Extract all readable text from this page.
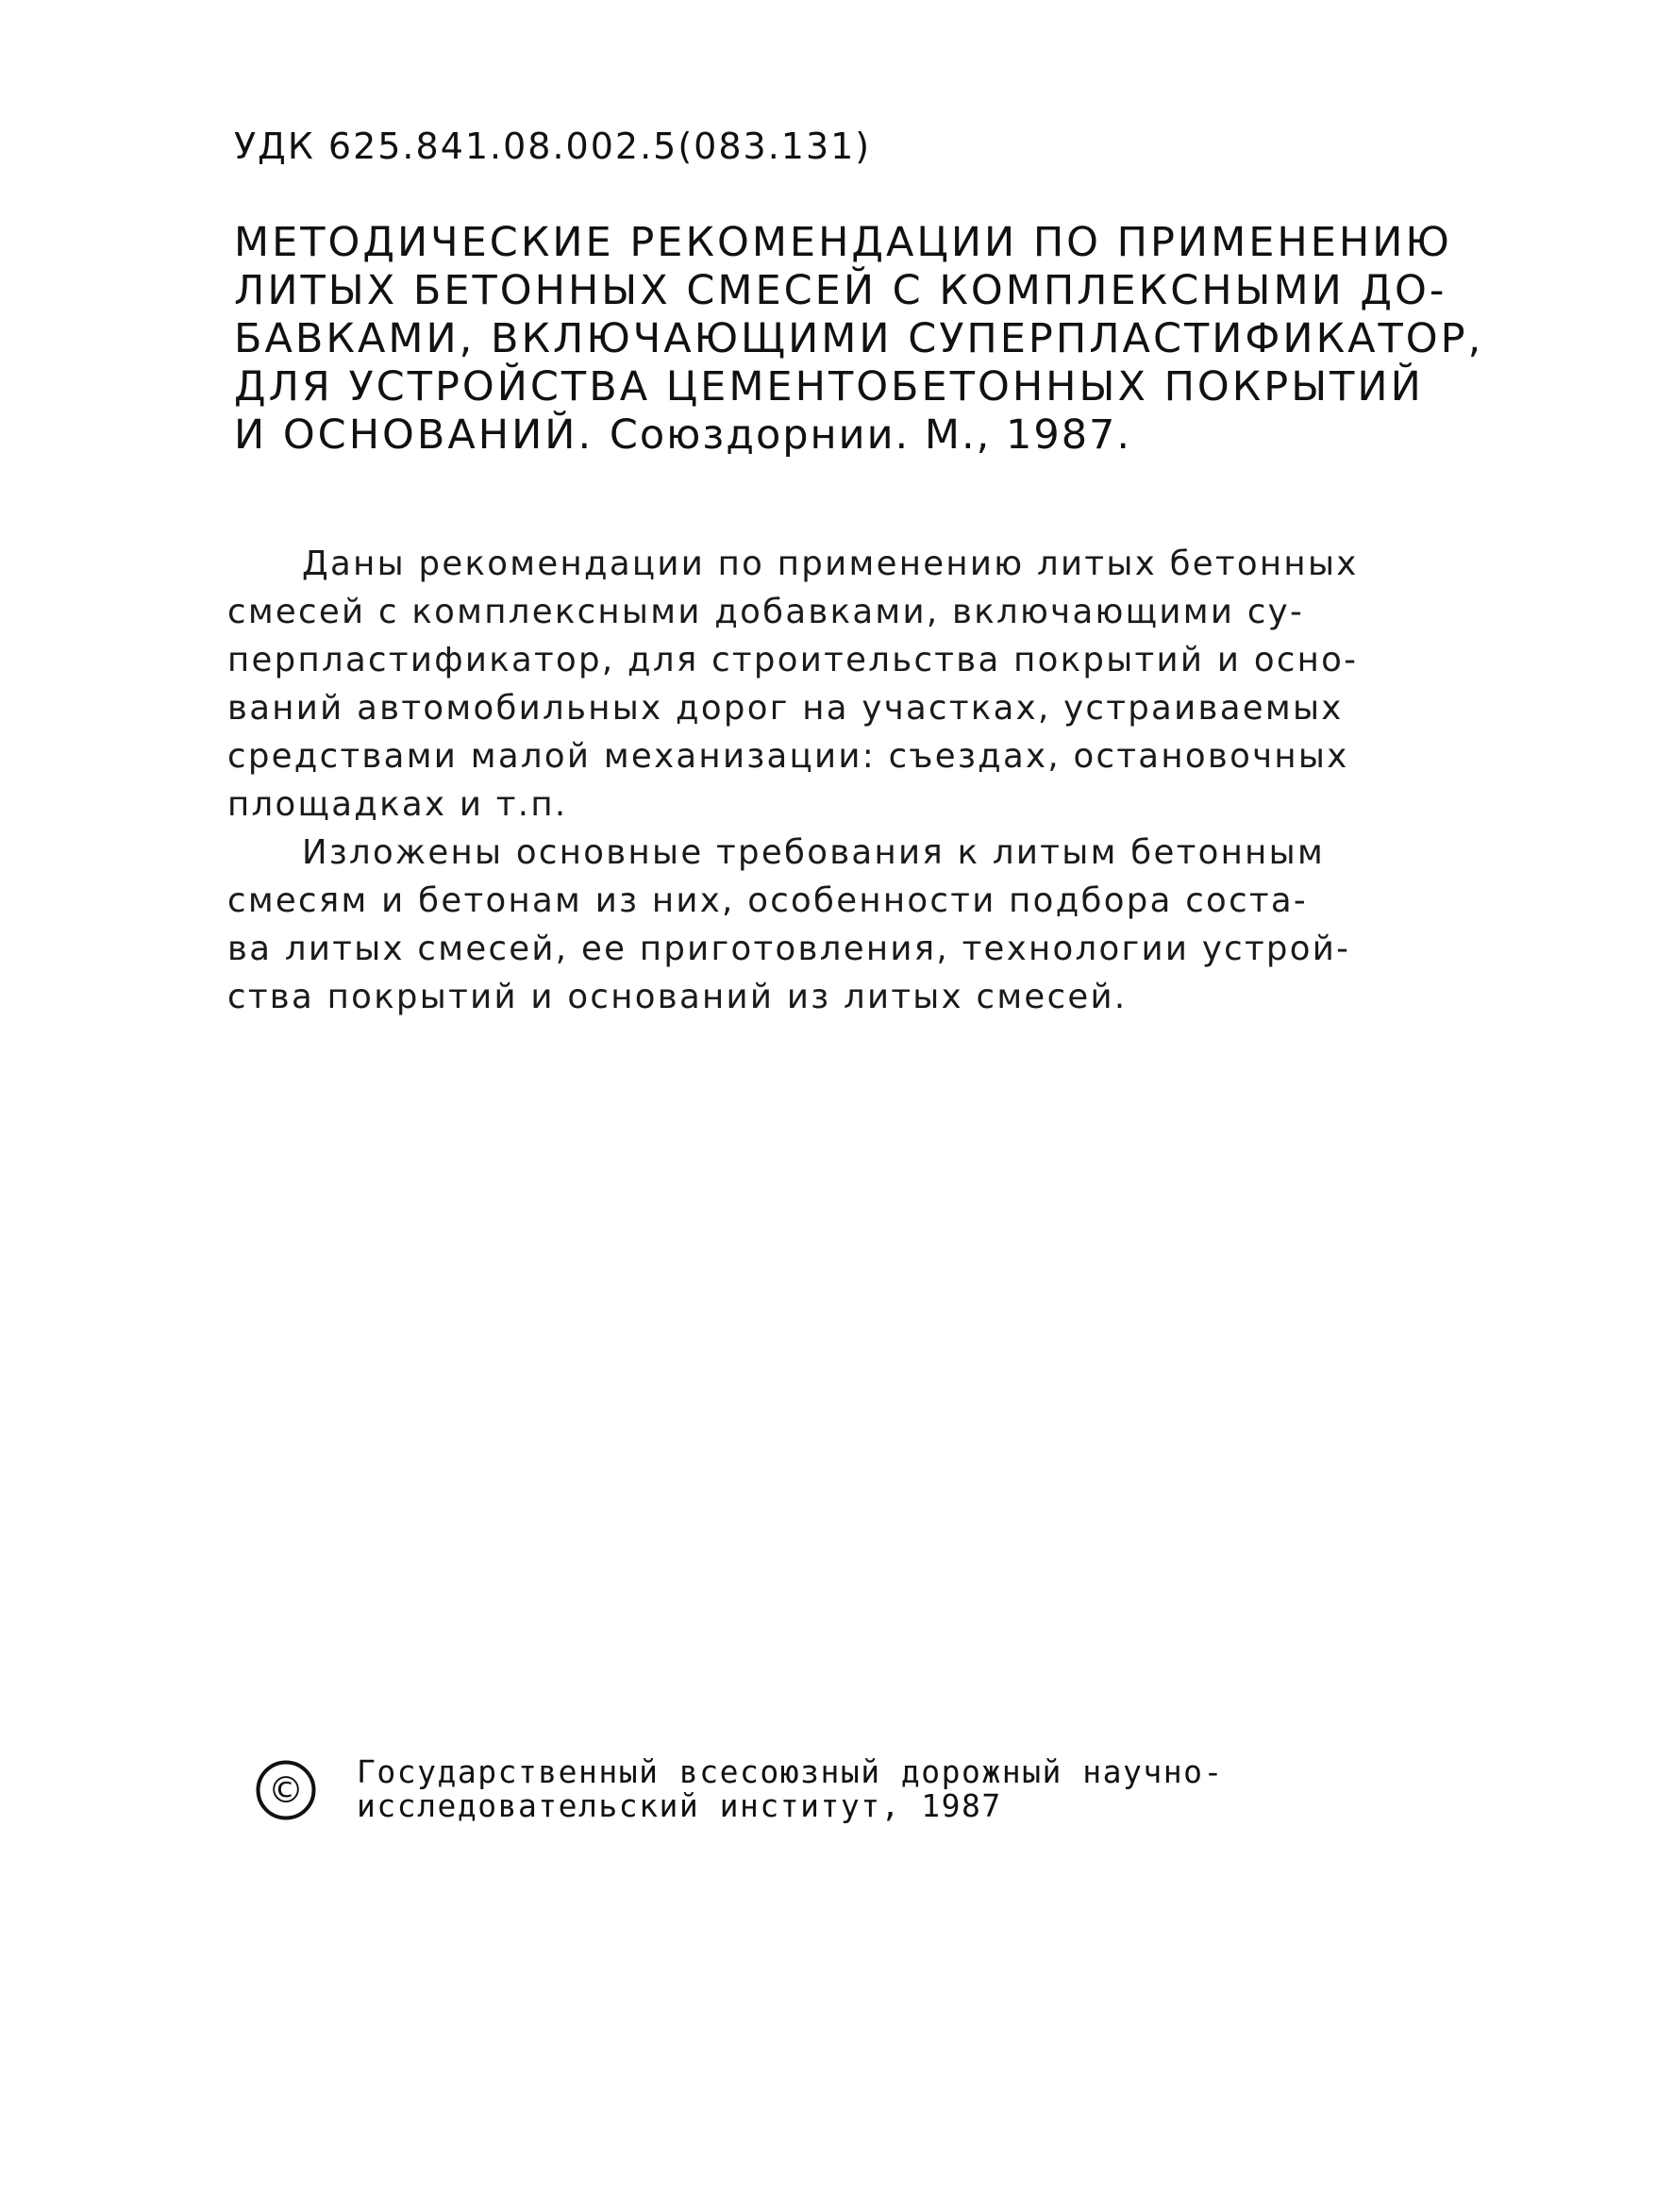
УДК 625.841.08.002.5(083.131)
МЕТОДИЧЕСКИЕ РЕКОМЕНДАЦИИ ПО ПРИМЕНЕНИЮ
ЛИТЫХ БЕТОННЫХ СМЕСЕЙ С КОМПЛЕКСНЫМИ ДО-
БАВКАМИ, ВКЛЮЧАЮЩИМИ СУПЕРПЛАСТИФИКАТОР,
ДЛЯ УСТРОЙСТВА ЦЕМЕНТОБЕТОННЫХ ПОКРЫТИЙ
И ОСНОВАНИЙ. Союздорнии. М., 1987.
Даны рекомендации по применению литых бетонных
смесей с комплексными добавками, включающими су-
перпластификатор, для строительства покрытий и осно-
ваний автомобильных дорог на участках, устраиваемых
средствами малой механизации: съездах, остановочных
площадках и т.п.
Изложены основные требования к литым бетонным
смесям и бетонам из них, особенности подбора соста-
ва литых смесей, ее приготовления, технологии устрой-
ства покрытий и оснований из литых смесей.
© Государственный всесоюзный дорожный научно-
исследовательский институт, 1987
